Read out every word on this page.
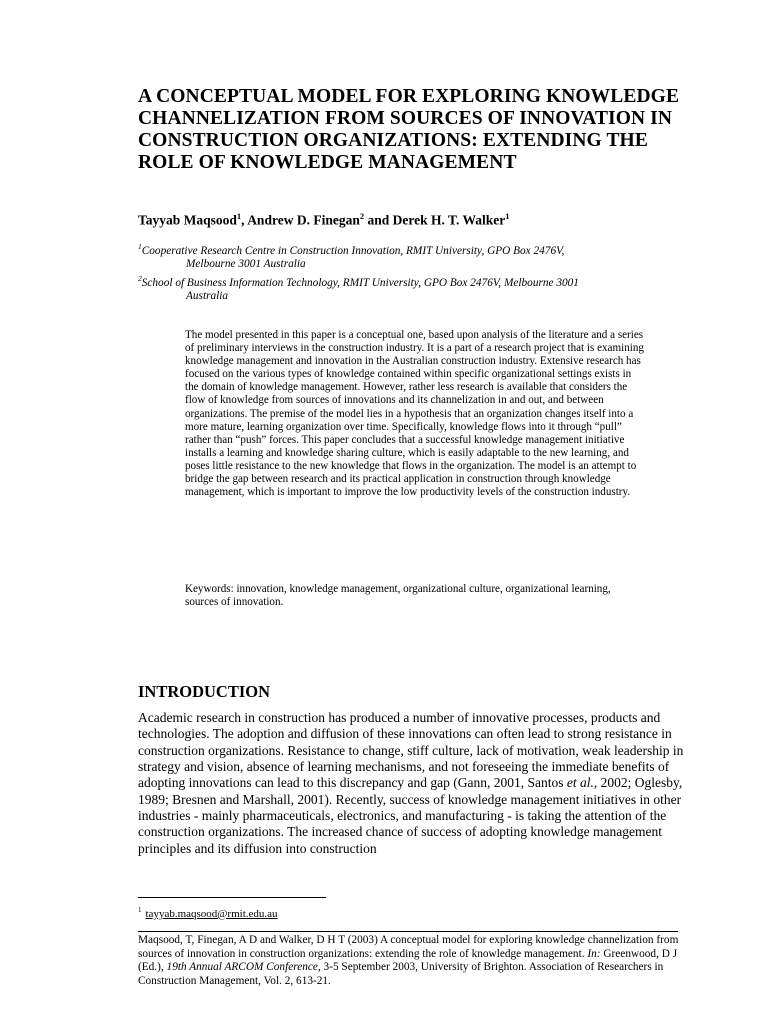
A CONCEPTUAL MODEL FOR EXPLORING KNOWLEDGE CHANNELIZATION FROM SOURCES OF INNOVATION IN CONSTRUCTION ORGANIZATIONS: EXTENDING THE ROLE OF KNOWLEDGE MANAGEMENT
Tayyab Maqsood$^1$, Andrew D. Finegan$^2$ and Derek H. T. Walker$^1$
$^1$Cooperative Research Centre in Construction Innovation, RMIT University, GPO Box 2476V,
Melbourne 3001 Australia
$^2$School of Business Information Technology, RMIT University, GPO Box 2476V, Melbourne 3001
Australia

The model presented in this paper is a conceptual one, based upon analysis of the literature and a series of preliminary interviews in the construction industry. It is a part of a research project that is examining knowledge management and innovation in the Australian construction industry. Extensive research has focused on the various types of knowledge contained within specific organizational settings exists in the domain of knowledge management. However, rather less research is available that considers the flow of knowledge from sources of innovations and its channelization in and out, and between organizations. The premise of the model lies in a hypothesis that an organization changes itself into a more mature, learning organization over time. Specifically, knowledge flows into it through “pull” rather than “push” forces. This paper concludes that a successful knowledge management initiative installs a learning and knowledge sharing culture, which is easily adaptable to the new learning, and poses little resistance to the new knowledge that flows in the organization. The model is an attempt to bridge the gap between research and its practical application in construction through knowledge management, which is important to improve the low productivity levels of the construction industry.

Keywords: innovation, knowledge management, organizational culture, organizational learning, sources of innovation.
INTRODUCTION

Academic research in construction has produced a number of innovative processes, products and technologies. The adoption and diffusion of these innovations can often lead to strong resistance in construction organizations. Resistance to change, stiff culture, lack of motivation, weak leadership in strategy and vision, absence of learning mechanisms, and not foreseeing the immediate benefits of adopting innovations can lead to this discrepancy and gap (Gann, 2001, Santos et al., 2002; Oglesby, 1989; Bresnen and Marshall, 2001). Recently, success of knowledge management initiatives in other industries - mainly pharmaceuticals, electronics, and manufacturing - is taking the attention of the construction organizations. The increased chance of success of adopting knowledge management principles and its diffusion into construction

$^1$ tayyab.maqsood@rmit.edu.au
Maqsood, T, Finegan, A D and Walker, D H T (2003) A conceptual model for exploring knowledge channelization from sources of innovation in construction organizations: extending the role of knowledge management. In: Greenwood, D J (Ed.), 19th Annual ARCOM Conference, 3-5 September 2003, University of Brighton. Association of Researchers in Construction Management, Vol. 2, 613-21.
